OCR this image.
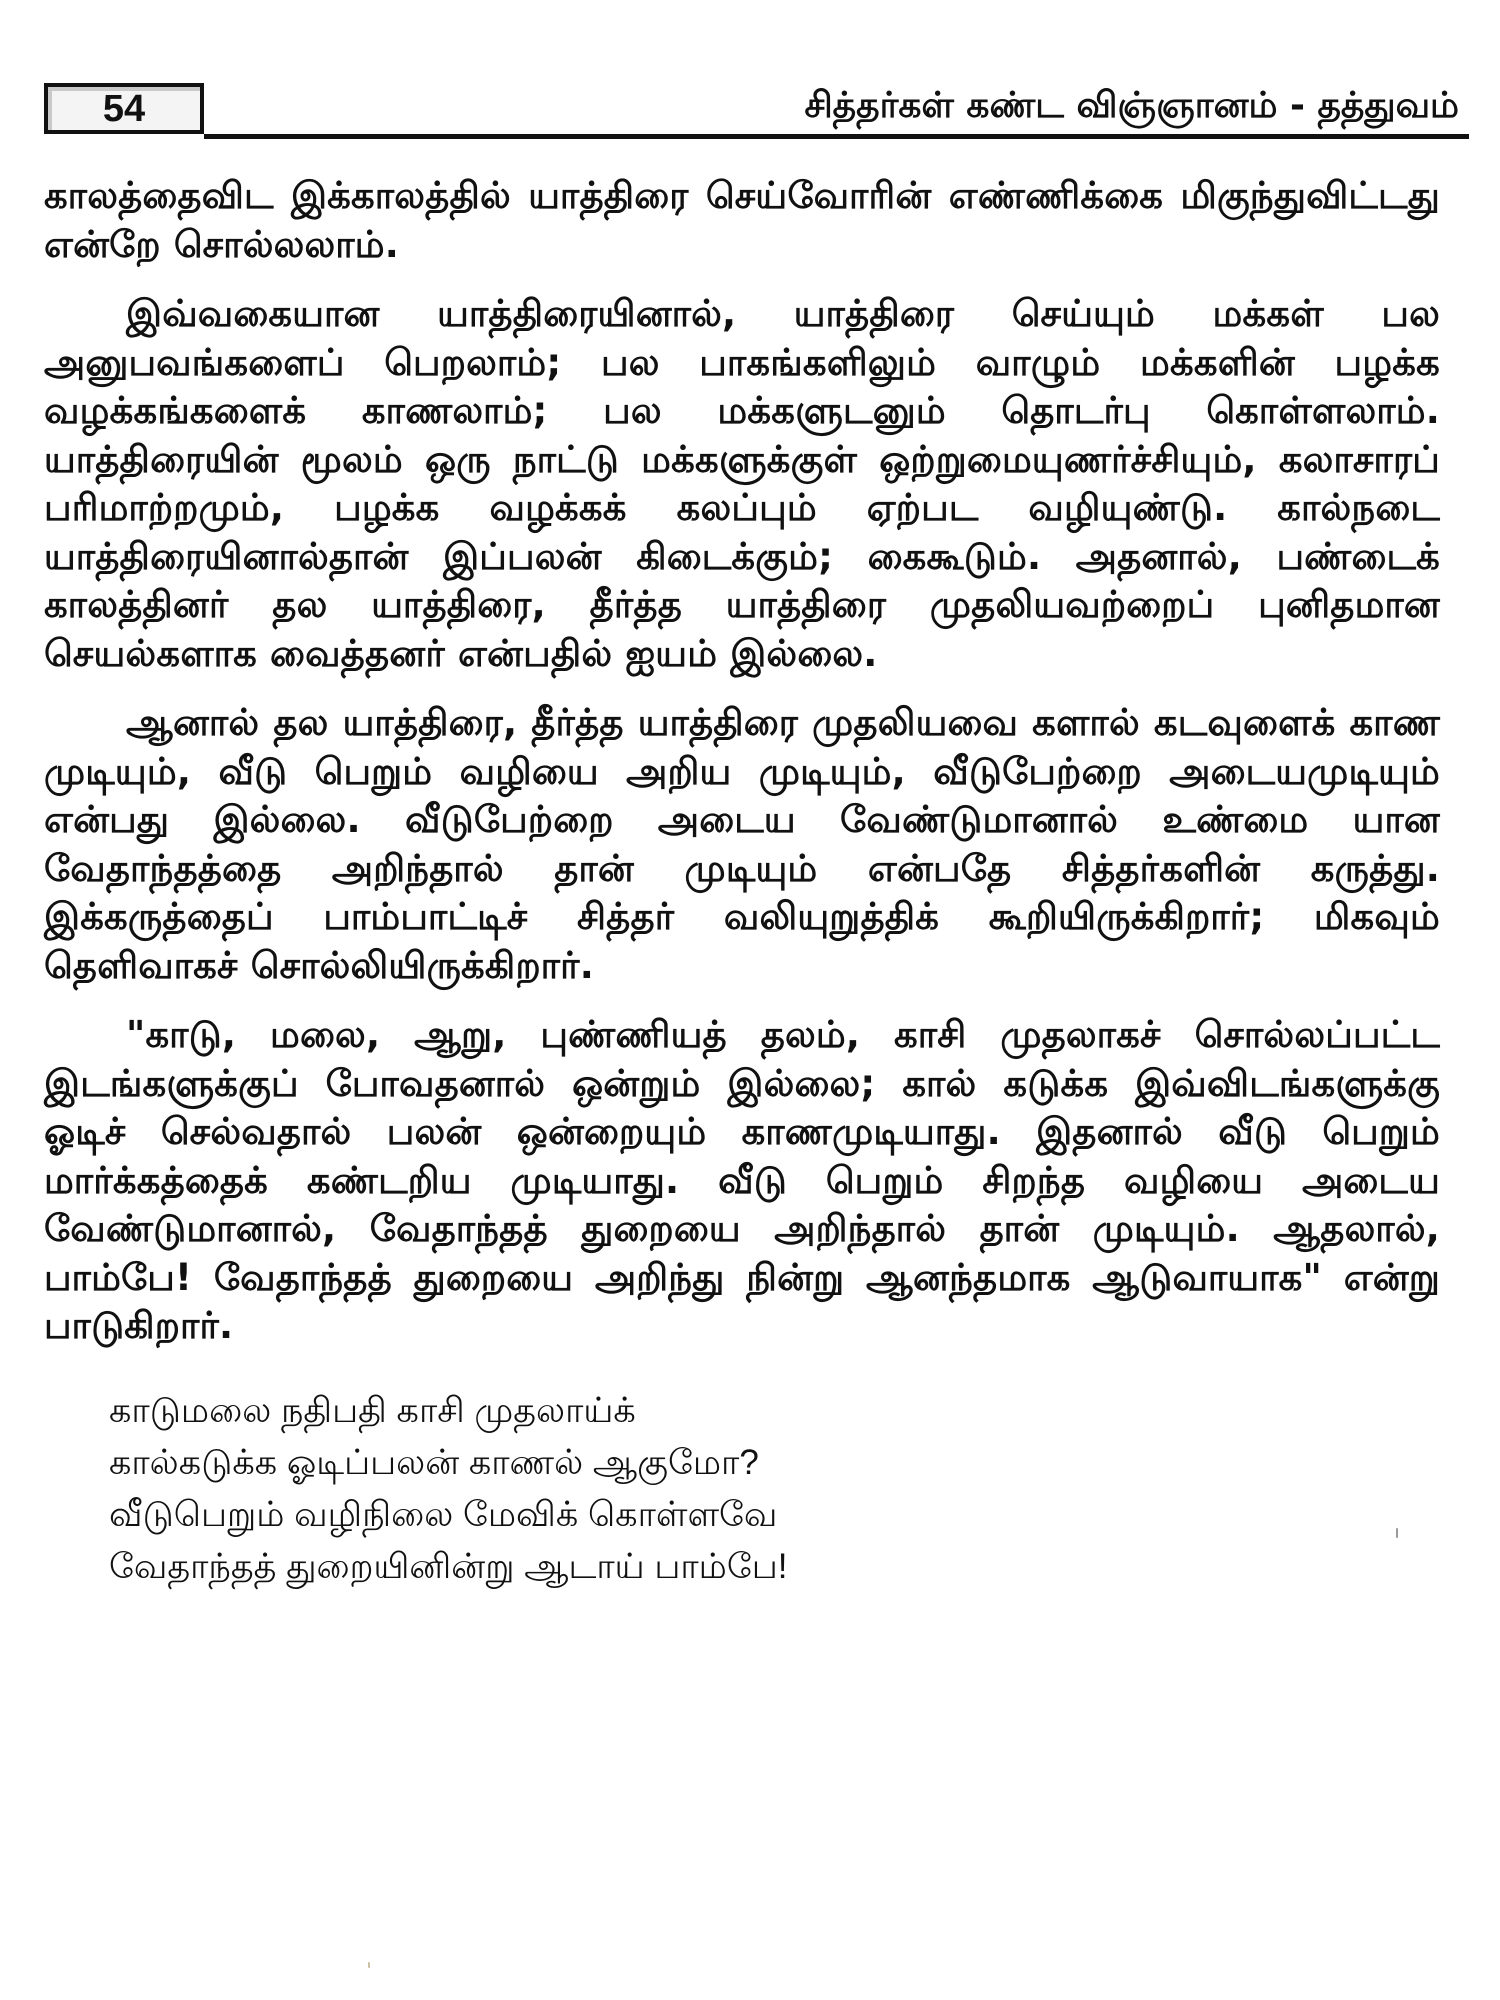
54	சித்தர்கள் கண்ட விஞ்ஞானம் - தத்துவம்

காலத்தைவிட இக்காலத்தில் யாத்திரை செய்வோரின் எண்ணிக்கை மிகுந்துவிட்டது என்றே சொல்லலாம்.

இவ்வகையான யாத்திரையினால், யாத்திரை செய்யும் மக்கள் பல அனுபவங்களைப் பெறலாம்; பல பாகங்களிலும் வாழும் மக்களின் பழக்க வழக்கங்களைக் காணலாம்; பல மக்களுடனும் தொடர்பு கொள்ளலாம். யாத்திரையின் மூலம் ஒரு நாட்டு மக்களுக்குள் ஒற்றுமையுணர்ச்சியும், கலாசாரப் பரிமாற்றமும், பழக்க வழக்கக் கலப்பும் ஏற்பட வழியுண்டு. கால்நடை யாத்திரையினால்தான் இப்பலன் கிடைக்கும்; கைகூடும். அதனால், பண்டைக் காலத்தினர் தல யாத்திரை, தீர்த்த யாத்திரை முதலியவற்றைப் புனிதமான செயல்களாக வைத்தனர் என்பதில் ஐயம் இல்லை.

ஆனால் தல யாத்திரை, தீர்த்த யாத்திரை முதலியவை களால் கடவுளைக் காண முடியும், வீடு பெறும் வழியை அறிய முடியும், வீடுபேற்றை அடையமுடியும் என்பது இல்லை. வீடுபேற்றை அடைய வேண்டுமானால் உண்மை யான வேதாந்தத்தை அறிந்தால் தான் முடியும் என்பதே சித்தர்களின் கருத்து. இக்கருத்தைப் பாம்பாட்டிச் சித்தர் வலியுறுத்திக் கூறியிருக்கிறார்; மிகவும் தெளிவாகச் சொல்லியிருக்கிறார்.

"காடு, மலை, ஆறு, புண்ணியத் தலம், காசி முதலாகச் சொல்லப்பட்ட இடங்களுக்குப் போவதனால் ஒன்றும் இல்லை; கால் கடுக்க இவ்விடங்களுக்கு ஓடிச் செல்வதால் பலன் ஒன்றையும் காணமுடியாது. இதனால் வீடு பெறும் மார்க்கத்தைக் கண்டறிய முடியாது. வீடு பெறும் சிறந்த வழியை அடைய வேண்டுமானால், வேதாந்தத் துறையை அறிந்தால் தான் முடியும். ஆதலால், பாம்பே! வேதாந்தத் துறையை அறிந்து நின்று ஆனந்தமாக ஆடுவாயாக" என்று பாடுகிறார்.

காடுமலை நதிபதி காசி முதலாய்க்
கால்கடுக்க ஓடிப்பலன் காணல் ஆகுமோ?
வீடுபெறும் வழிநிலை மேவிக் கொள்ளவே
வேதாந்தத் துறையினின்று ஆடாய் பாம்பே!
